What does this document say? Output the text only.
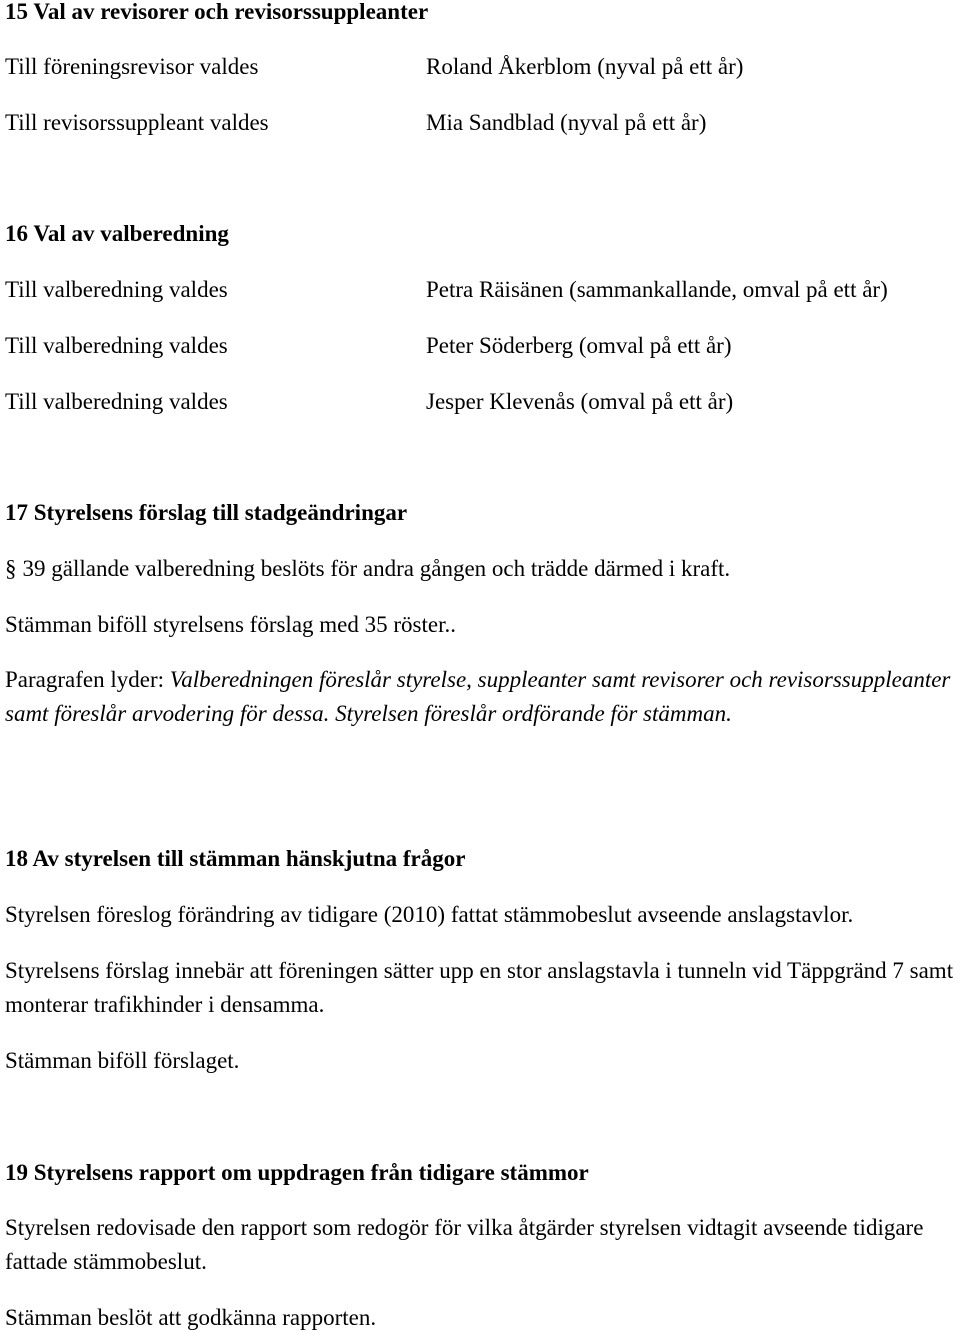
15 Val av revisorer och revisorssuppleanter
Till föreningsrevisor valdes	Roland Åkerblom (nyval på ett år)
Till revisorssuppleant valdes	Mia Sandblad (nyval på ett år)
16 Val av valberedning
Till valberedning valdes	Petra Räisänen (sammankallande, omval på ett år)
Till valberedning valdes	Peter Söderberg (omval på ett år)
Till valberedning valdes	Jesper Klevenås (omval på ett år)
17 Styrelsens förslag till stadgeändringar
§ 39 gällande valberedning beslöts för andra gången och trädde därmed i kraft.
Stämman biföll styrelsens förslag med 35 röster..
Paragrafen lyder: Valberedningen föreslår styrelse, suppleanter samt revisorer och revisorssuppleanter samt föreslår arvodering för dessa. Styrelsen föreslår ordförande för stämman.
18 Av styrelsen till stämman hänskjutna frågor
Styrelsen föreslog förändring av tidigare (2010) fattat stämmobeslut avseende anslagstavlor.
Styrelsens förslag innebär att föreningen sätter upp en stor anslagstavla i tunneln vid Täppgränd 7 samt monterar trafikhinder i densamma.
Stämman biföll förslaget.
19 Styrelsens rapport om uppdragen från tidigare stämmor
Styrelsen redovisade den rapport som redogör för vilka åtgärder styrelsen vidtagit avseende tidigare fattade stämmobeslut.
Stämman beslöt att godkänna rapporten.
